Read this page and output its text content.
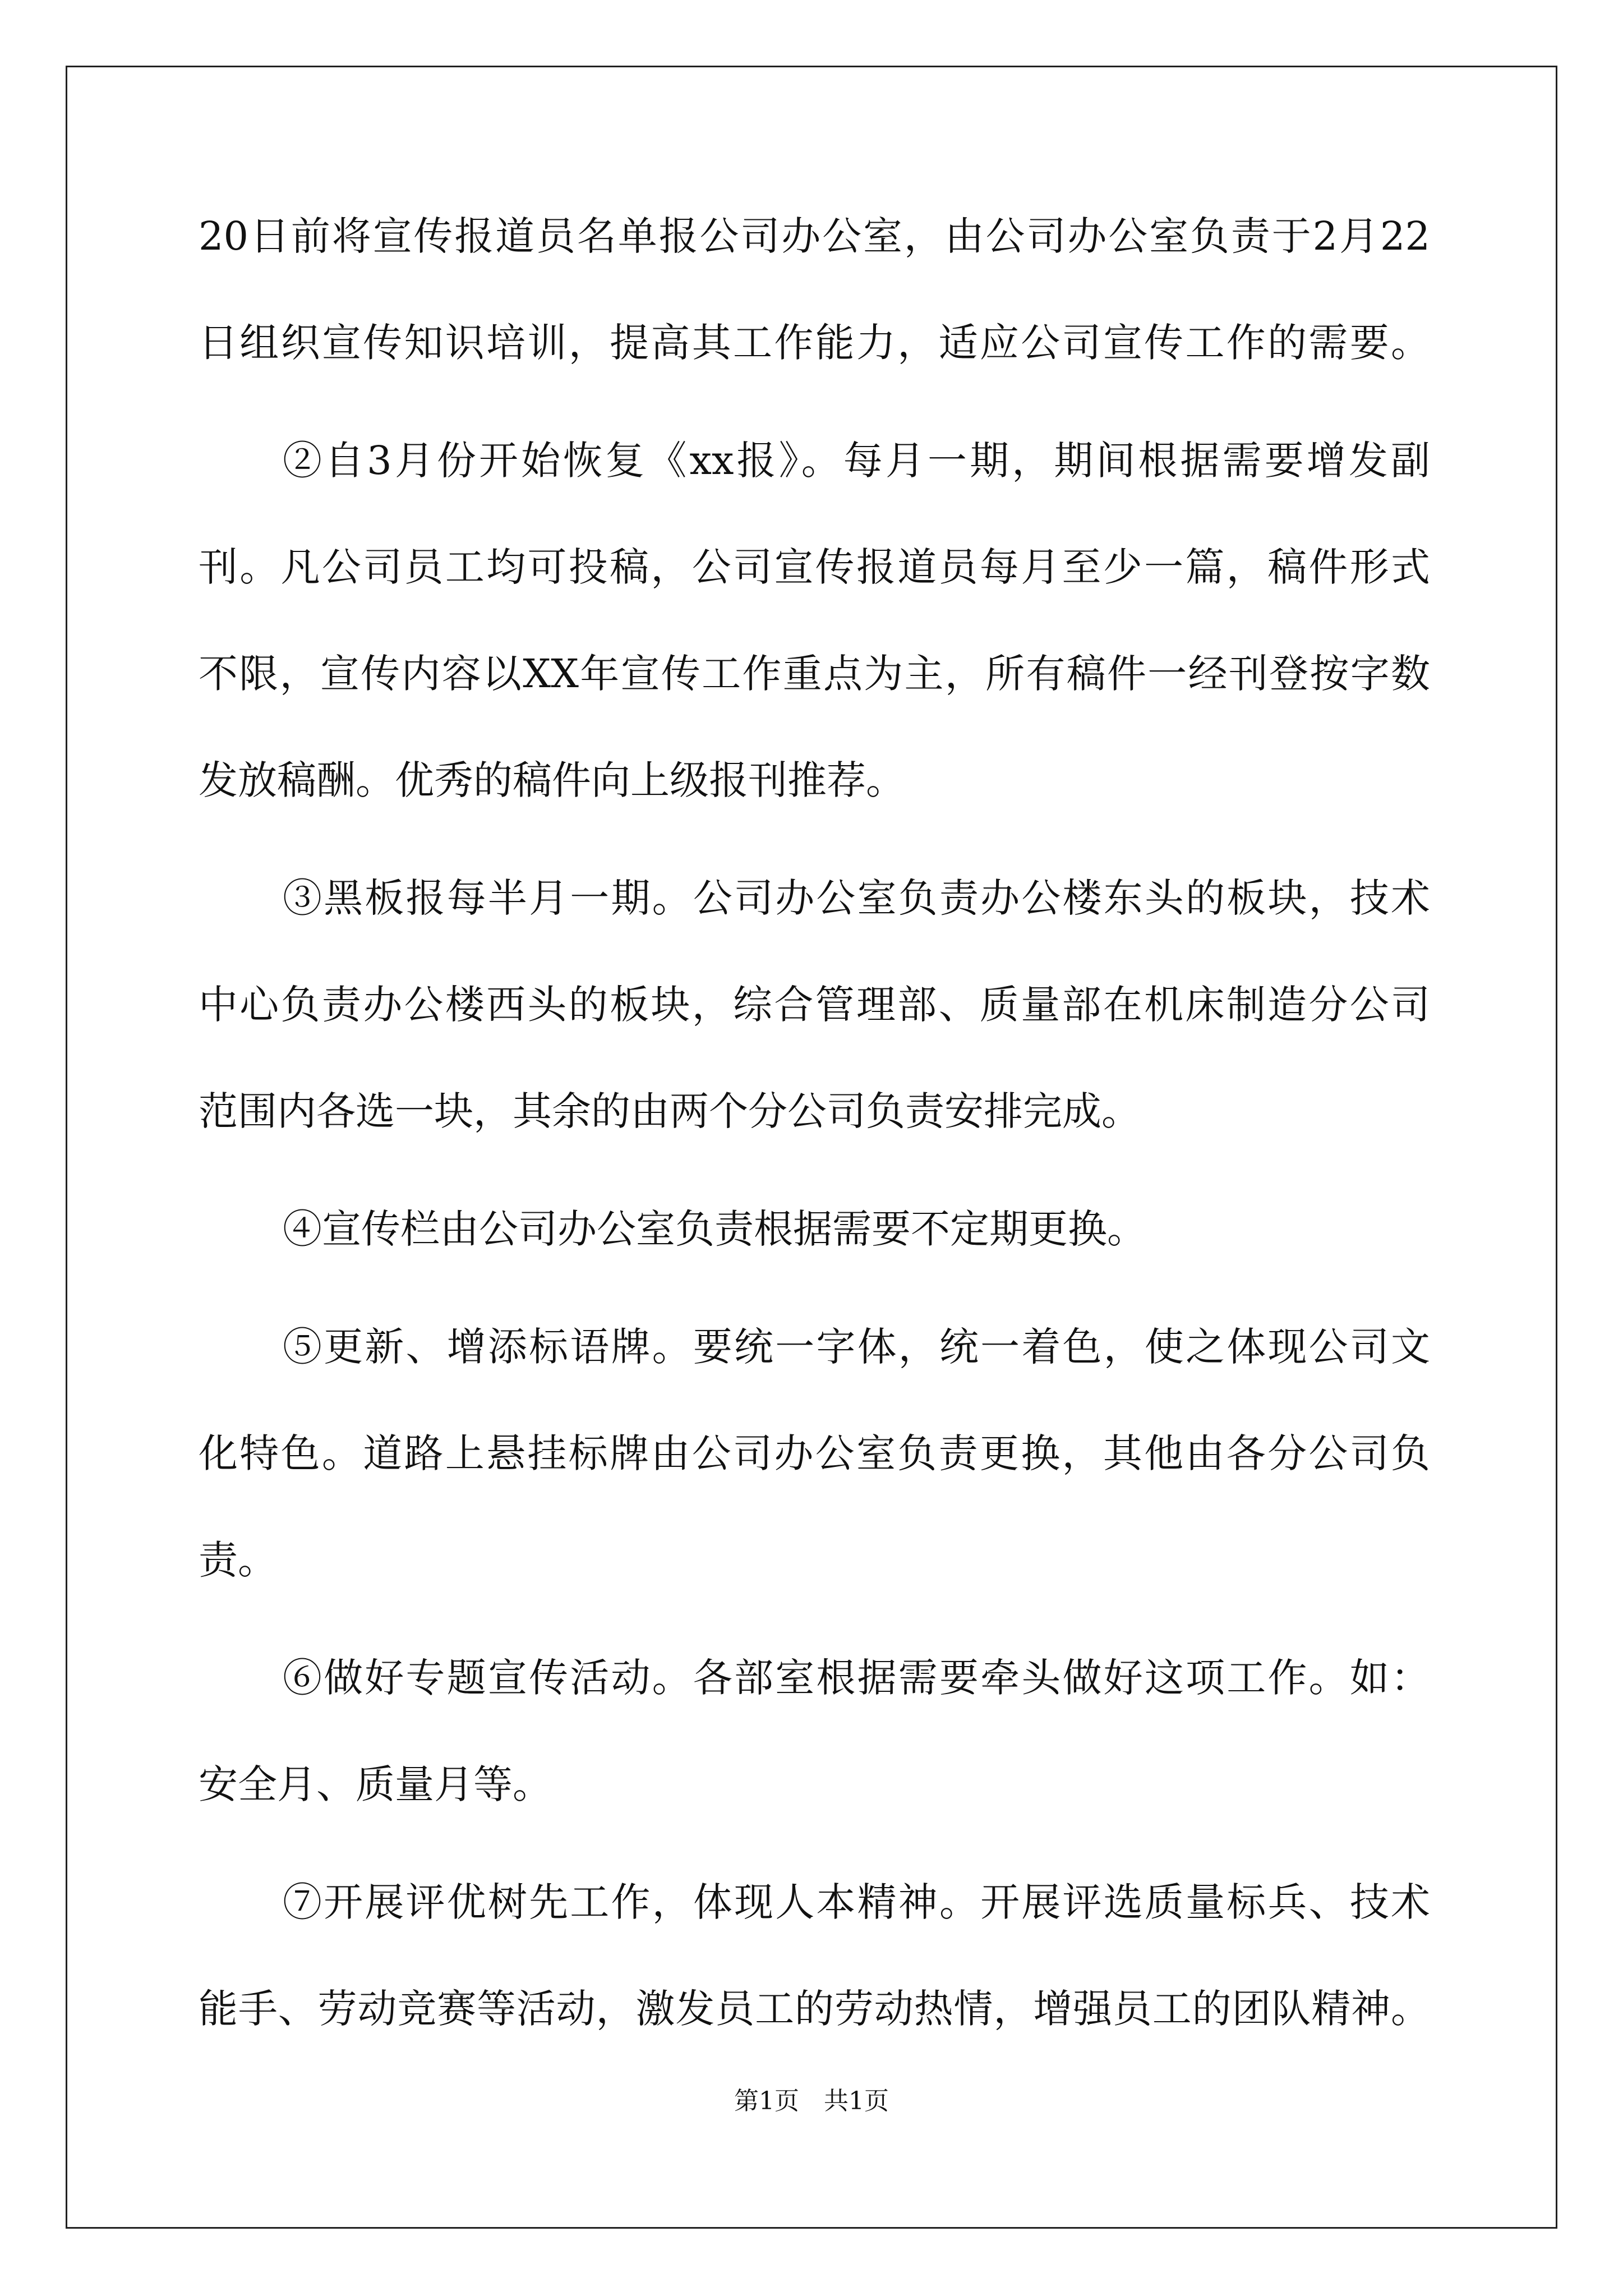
20日前将宣传报道员名单报公司办公室，由公司办公室负责于2月22
日组织宣传知识培训，提高其工作能力，适应公司宣传工作的需要。
②自3月份开始恢复《xx报》。每月一期，期间根据需要增发副
刊。凡公司员工均可投稿，公司宣传报道员每月至少一篇，稿件形式
不限，宣传内容以XX年宣传工作重点为主，所有稿件一经刊登按字数
发放稿酬。优秀的稿件向上级报刊推荐。
③黑板报每半月一期。公司办公室负责办公楼东头的板块，技术
中心负责办公楼西头的板块，综合管理部、质量部在机床制造分公司
范围内各选一块，其余的由两个分公司负责安排完成。
④宣传栏由公司办公室负责根据需要不定期更换。
⑤更新、增添标语牌。要统一字体，统一着色，使之体现公司文
化特色。道路上悬挂标牌由公司办公室负责更换，其他由各分公司负
责。
⑥做好专题宣传活动。各部室根据需要牵头做好这项工作。如：
安全月、质量月等。
⑦开展评优树先工作，体现人本精神。开展评选质量标兵、技术
能手、劳动竞赛等活动，激发员工的劳动热情，增强员工的团队精神。
第1页　共1页
